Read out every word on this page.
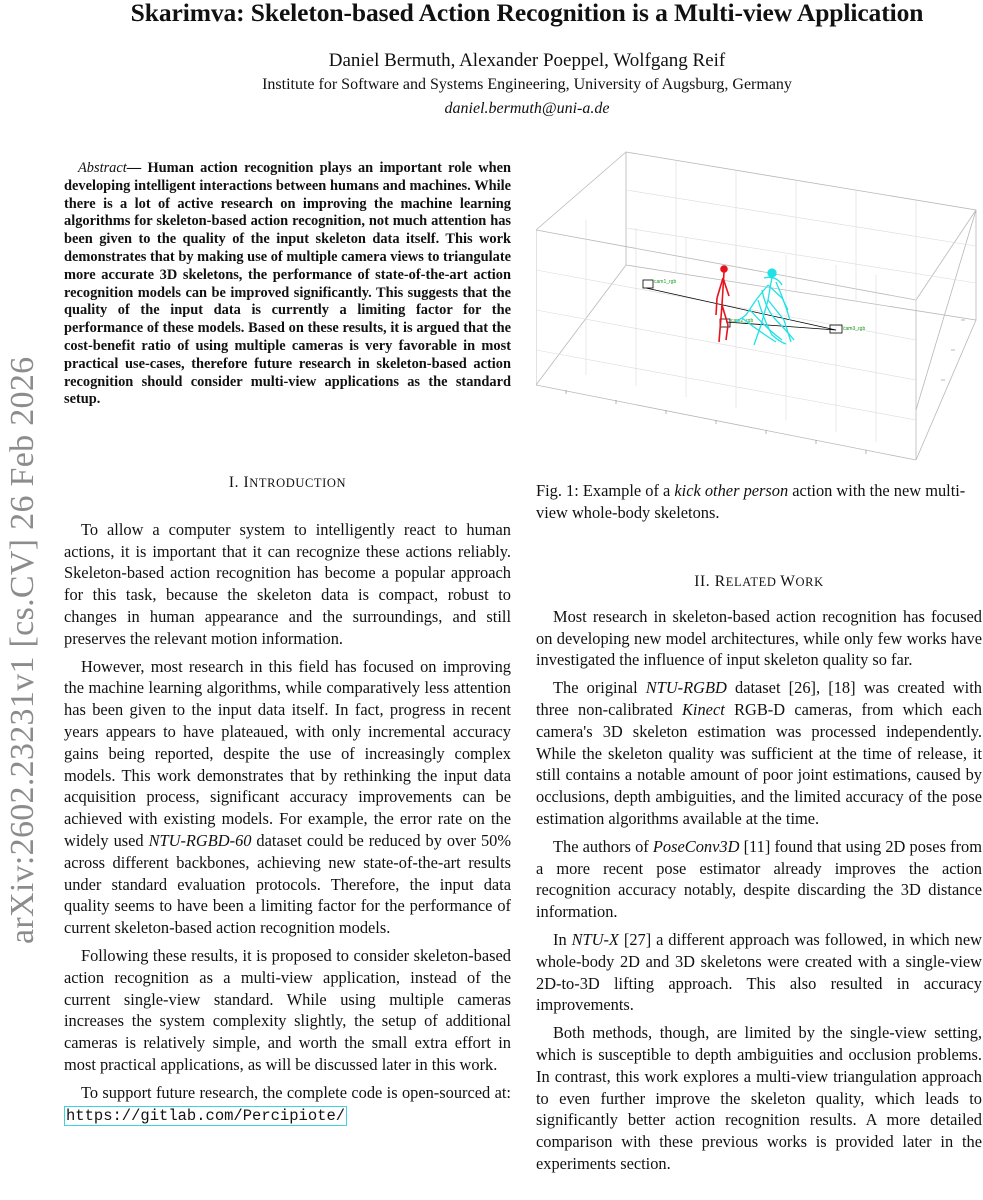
Skarimva: Skeleton-based Action Recognition is a Multi-view Application
Daniel Bermuth, Alexander Poeppel, Wolfgang Reif
Institute for Software and Systems Engineering, University of Augsburg, Germany
daniel.bermuth@uni-a.de
arXiv:2602.23231v1 [cs.CV] 26 Feb 2026
Abstract— Human action recognition plays an important role when developing intelligent interactions between humans and machines. While there is a lot of active research on improving the machine learning algorithms for skeleton-based action recognition, not much attention has been given to the quality of the input skeleton data itself. This work demonstrates that by making use of multiple camera views to triangulate more accurate 3D skeletons, the performance of state-of-the-art action recognition models can be improved significantly. This suggests that the quality of the input data is currently a limiting factor for the performance of these models. Based on these results, it is argued that the cost-benefit ratio of using multiple cameras is very favorable in most practical use-cases, therefore future research in skeleton-based action recognition should consider multi-view applications as the standard setup.
I. INTRODUCTION

To allow a computer system to intelligently react to human actions, it is important that it can recognize these actions reliably. Skeleton-based action recognition has become a popular approach for this task, because the skeleton data is compact, robust to changes in human appearance and the surroundings, and still preserves the relevant motion information.

However, most research in this field has focused on improving the machine learning algorithms, while comparatively less attention has been given to the input data itself. In fact, progress in recent years appears to have plateaued, with only incremental accuracy gains being reported, despite the use of increasingly complex models. This work demonstrates that by rethinking the input data acquisition process, significant accuracy improvements can be achieved with existing models. For example, the error rate on the widely used NTU-RGBD-60 dataset could be reduced by over 50% across different backbones, achieving new state-of-the-art results under standard evaluation protocols. Therefore, the input data quality seems to have been a limiting factor for the performance of current skeleton-based action recognition models.

Following these results, it is proposed to consider skeleton-based action recognition as a multi-view application, instead of the current single-view standard. While using multiple cameras increases the system complexity slightly, the setup of additional cameras is relatively simple, and worth the small extra effort in most practical applications, as will be discussed later in this work.

To support future research, the complete code is open-sourced at: https://gitlab.com/Percipiote/

cam1_rgb
cam2_rgb
cam3_rgb
Fig. 1: Example of a kick other person action with the new multi-view whole-body skeletons.
II. RELATED WORK

Most research in skeleton-based action recognition has focused on developing new model architectures, while only few works have investigated the influence of input skeleton quality so far.

The original NTU-RGBD dataset [26], [18] was created with three non-calibrated Kinect RGB-D cameras, from which each camera's 3D skeleton estimation was processed independently. While the skeleton quality was sufficient at the time of release, it still contains a notable amount of poor joint estimations, caused by occlusions, depth ambiguities, and the limited accuracy of the pose estimation algorithms available at the time.

The authors of PoseConv3D [11] found that using 2D poses from a more recent pose estimator already improves the action recognition accuracy notably, despite discarding the 3D distance information.

In NTU-X [27] a different approach was followed, in which new whole-body 2D and 3D skeletons were created with a single-view 2D-to-3D lifting approach. This also resulted in accuracy improvements.

Both methods, though, are limited by the single-view setting, which is susceptible to depth ambiguities and occlusion problems. In contrast, this work explores a multi-view triangulation approach to even further improve the skeleton quality, which leads to significantly better action recognition results. A more detailed comparison with these previous works is provided later in the experiments section.
